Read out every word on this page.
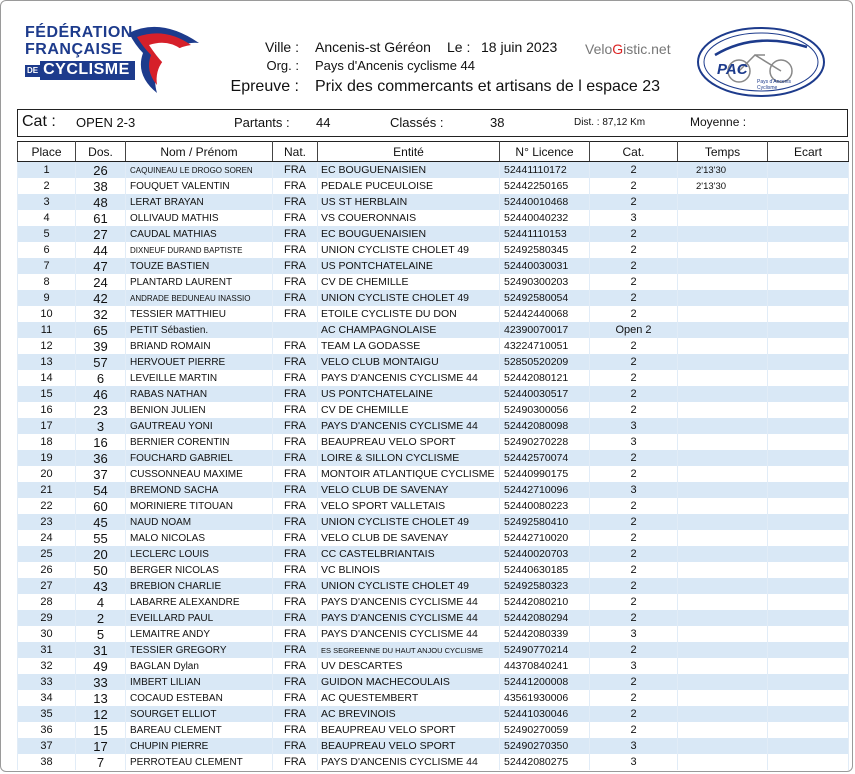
FÉDÉRATION
FRANÇAISE
DE CYCLISME
Ville : Ancenis-st Géréon Le : 18 juin 2023
Org. : Pays d'Ancenis cyclisme 44
Epreuve : Prix des commercants et artisans de l espace 23
VeloGistic.net
PAC
Pays d'Ancenis Cyclisme
Cat : OPEN 2-3	Partants : 44	Classés :	38	Dist. : 87,12 Km	Moyenne :
Place	Dos.	Nom / Prénom	Nat.	Entité	N° Licence	Cat.	Temps	Ecart
1	26	CAQUINEAU LE DROGO SOREN	FRA	EC BOUGUENAISIEN	52441110172	2	2'13'30	
2	38	FOUQUET VALENTIN	FRA	PEDALE PUCEULOISE	52442250165	2	2'13'30	
3	48	LERAT BRAYAN	FRA	US ST HERBLAIN	52440010468	2		
4	61	OLLIVAUD MATHIS	FRA	VS COUERONNAIS	52440040232	3		
5	27	CAUDAL MATHIAS	FRA	EC BOUGUENAISIEN	52441110153	2		
6	44	DIXNEUF DURAND BAPTISTE	FRA	UNION CYCLISTE CHOLET 49	52492580345	2		
7	47	TOUZE BASTIEN	FRA	US PONTCHATELAINE	52440030031	2		
8	24	PLANTARD LAURENT	FRA	CV DE CHEMILLE	52490300203	2		
9	42	ANDRADE BEDUNEAU INASSIO	FRA	UNION CYCLISTE CHOLET 49	52492580054	2		
10	32	TESSIER MATTHIEU	FRA	ETOILE CYCLISTE DU DON	52442440068	2		
11	65	PETIT Sébastien.		AC CHAMPAGNOLAISE	42390070017	Open 2		
12	39	BRIAND ROMAIN	FRA	TEAM LA GODASSE	43224710051	2		
13	57	HERVOUET PIERRE	FRA	VELO CLUB MONTAIGU	52850520209	2		
14	6	LEVEILLE MARTIN	FRA	PAYS D'ANCENIS CYCLISME 44	52442080121	2		
15	46	RABAS NATHAN	FRA	US PONTCHATELAINE	52440030517	2		
16	23	BENION JULIEN	FRA	CV DE CHEMILLE	52490300056	2		
17	3	GAUTREAU YONI	FRA	PAYS D'ANCENIS CYCLISME 44	52442080098	3		
18	16	BERNIER CORENTIN	FRA	BEAUPREAU VELO SPORT	52490270228	3		
19	36	FOUCHARD GABRIEL	FRA	LOIRE & SILLON CYCLISME	52442570074	2		
20	37	CUSSONNEAU MAXIME	FRA	MONTOIR ATLANTIQUE CYCLISME	52440990175	2		
21	54	BREMOND SACHA	FRA	VELO CLUB DE SAVENAY	52442710096	3		
22	60	MORINIERE TITOUAN	FRA	VELO SPORT VALLETAIS	52440080223	2		
23	45	NAUD NOAM	FRA	UNION CYCLISTE CHOLET 49	52492580410	2		
24	55	MALO NICOLAS	FRA	VELO CLUB DE SAVENAY	52442710020	2		
25	20	LECLERC LOUIS	FRA	CC CASTELBRIANTAIS	52440020703	2		
26	50	BERGER NICOLAS	FRA	VC BLINOIS	52440630185	2		
27	43	BREBION CHARLIE	FRA	UNION CYCLISTE CHOLET 49	52492580323	2		
28	4	LABARRE ALEXANDRE	FRA	PAYS D'ANCENIS CYCLISME 44	52442080210	2		
29	2	EVEILLARD PAUL	FRA	PAYS D'ANCENIS CYCLISME 44	52442080294	2		
30	5	LEMAITRE ANDY	FRA	PAYS D'ANCENIS CYCLISME 44	52442080339	3		
31	31	TESSIER GREGORY	FRA	ES SEGREENNE DU HAUT ANJOU CYCLISME	52490770214	2		
32	49	BAGLAN Dylan	FRA	UV DESCARTES	44370840241	3		
33	33	IMBERT LILIAN	FRA	GUIDON MACHECOULAIS	52441200008	2		
34	13	COCAUD ESTEBAN	FRA	AC QUESTEMBERT	43561930006	2		
35	12	SOURGET ELLIOT	FRA	AC BREVINOIS	52441030046	2		
36	15	BAREAU CLEMENT	FRA	BEAUPREAU VELO SPORT	52490270059	2		
37	17	CHUPIN PIERRE	FRA	BEAUPREAU VELO SPORT	52490270350	3		
38	7	PERROTEAU CLEMENT	FRA	PAYS D'ANCENIS CYCLISME 44	52442080275	3		
